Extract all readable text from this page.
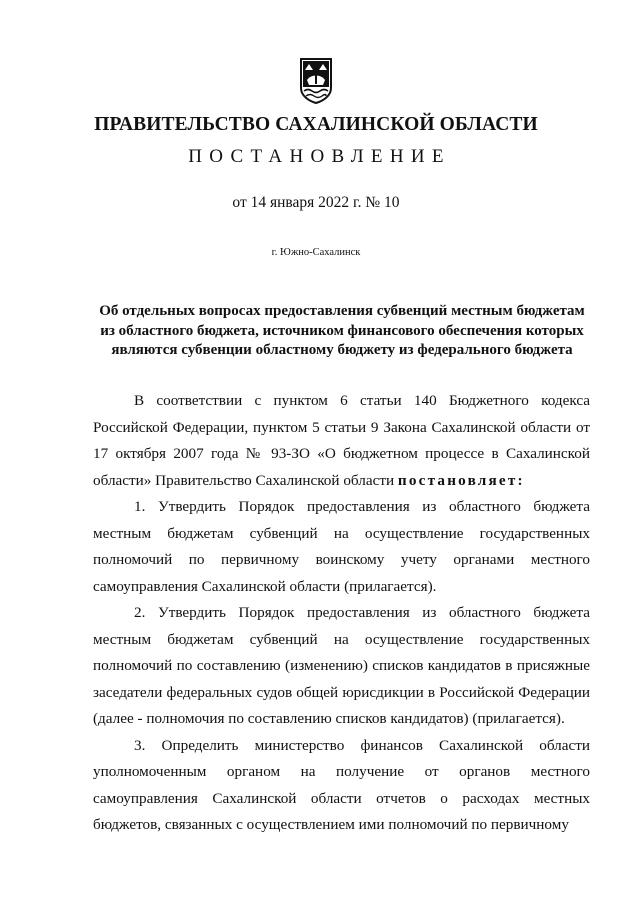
ПРАВИТЕЛЬСТВО САХАЛИНСКОЙ ОБЛАСТИ
ПОСТАНОВЛЕНИЕ
от 14 января 2022 г. № 10
г. Южно-Сахалинск
Об отдельных вопросах предоставления субвенций местным бюджетам из областного бюджета, источником финансового обеспечения которых являются субвенции областному бюджету из федерального бюджета

В соответствии с пунктом 6 статьи 140 Бюджетного кодекса Российской Федерации, пунктом 5 статьи 9 Закона Сахалинской области от 17 октября 2007 года № 93-ЗО «О бюджетном процессе в Сахалинской области» Правительство Сахалинской области постановляет:

1. Утвердить Порядок предоставления из областного бюджета местным бюджетам субвенций на осуществление государственных полномочий по первичному воинскому учету органами местного самоуправления Сахалинской области (прилагается).

2. Утвердить Порядок предоставления из областного бюджета местным бюджетам субвенций на осуществление государственных полномочий по составлению (изменению) списков кандидатов в присяжные заседатели федеральных судов общей юрисдикции в Российской Федерации (далее - полномочия по составлению списков кандидатов) (прилагается).

3. Определить министерство финансов Сахалинской области уполномоченным органом на получение от органов местного самоуправления Сахалинской области отчетов о расходах местных бюджетов, связанных с осуществлением ими полномочий по первичному
